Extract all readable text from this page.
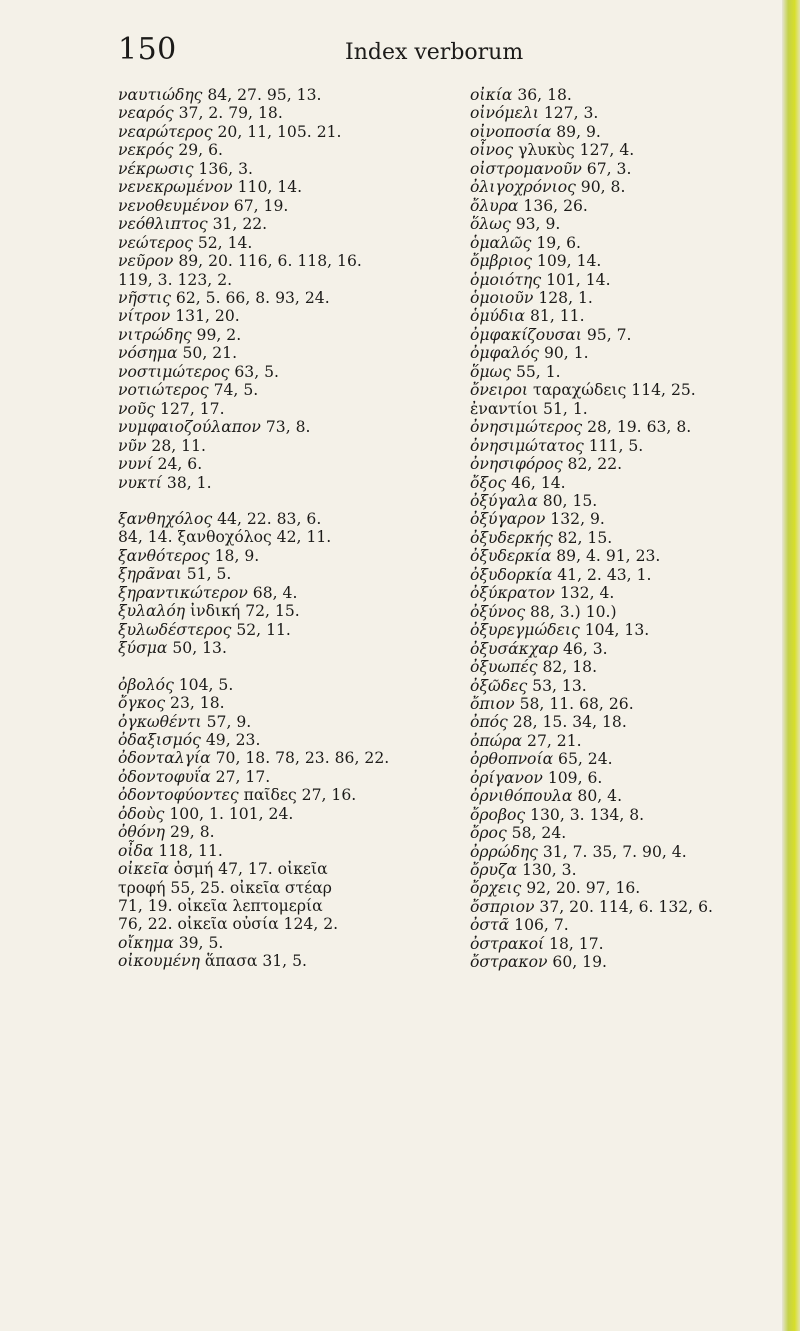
150	Index verborum
ναυτιώδης 84, 27. 95, 13.
νεαρός 37, 2. 79, 18.
νεαρώτερος 20, 11, 105. 21.
νεκρός 29, 6.
νέκρωσις 136, 3.
νενεκρωμένον 110, 14.
νενοθευμένον 67, 19.
νεόθλιπτος 31, 22.
νεώτερος 52, 14.
νεῦρον 89, 20. 116, 6. 118, 16.
119, 3. 123, 2.
νῆστις 62, 5. 66, 8. 93, 24.
νίτρον 131, 20.
νιτρώδης 99, 2.
νόσημα 50, 21.
νοστιμώτερος 63, 5.
νοτιώτερος 74, 5.
νοῦς 127, 17.
νυμφαιοζούλαπον 73, 8.
νῦν 28, 11.
νυνί 24, 6.
νυκτί 38, 1.
ξανθηχόλος 44, 22. 83, 6.
84, 14. ξανθοχόλος 42, 11.
ξανθότερος 18, 9.
ξηρᾶναι 51, 5.
ξηραντικώτερον 68, 4.
ξυλαλόη ἰνδική 72, 15.
ξυλωδέστερος 52, 11.
ξύσμα 50, 13.
ὀβολός 104, 5.
ὄγκος 23, 18.
ὀγκωθέντι 57, 9.
ὀδαξισμός 49, 23.
ὀδονταλγία 70, 18. 78, 23. 86, 22.
ὀδοντοφυΐα 27, 17.
ὀδοντοφύοντες παῖδες 27, 16.
ὀδοὺς 100, 1. 101, 24.
ὀθόνη 29, 8.
οἶδα 118, 11.
οἰκεῖα ὀσμή 47, 17. οἰκεῖα
τροφή 55, 25. οἰκεῖα στέαρ
71, 19. οἰκεῖα λεπτομερία
76, 22. οἰκεῖα οὐσία 124, 2.
οἴκημα 39, 5.
οἰκουμένη ἅπασα 31, 5.
οἰκία 36, 18.
οἰνόμελι 127, 3.
οἰνοποσία 89, 9.
οἶνος γλυκὺς 127, 4.
οἰστρομανοῦν 67, 3.
ὀλιγοχρόνιος 90, 8.
ὄλυρα 136, 26.
ὅλως 93, 9.
ὁμαλῶς 19, 6.
ὄμβριος 109, 14.
ὁμοιότης 101, 14.
ὁμοιοῦν 128, 1.
ὁμύδια 81, 11.
ὀμφακίζουσαι 95, 7.
ὀμφαλός 90, 1.
ὅμως 55, 1.
ὄνειροι ταραχώδεις 114, 25.
ἐναντίοι 51, 1.
ὀνησιμώτερος 28, 19. 63, 8.
ὀνησιμώτατος 111, 5.
ὀνησιφόρος 82, 22.
ὄξος 46, 14.
ὀξύγαλα 80, 15.
ὀξύγαρον 132, 9.
ὀξυδερκής 82, 15.
ὀξυδερκία 89, 4. 91, 23.
ὀξυδορκία 41, 2. 43, 1.
ὀξύκρατον 132, 4.
ὀξύνος 88, 3.) 10.)
ὀξυρεγμώδεις 104, 13.
ὀξυσάκχαρ 46, 3.
ὀξυωπές 82, 18.
ὀξῶδες 53, 13.
ὄπιον 58, 11. 68, 26.
ὀπός 28, 15. 34, 18.
ὀπώρα 27, 21.
ὀρθοπνοία 65, 24.
ὀρίγανον 109, 6.
ὀρνιθόπουλα 80, 4.
ὄροβος 130, 3. 134, 8.
ὄρος 58, 24.
ὀρρώδης 31, 7. 35, 7. 90, 4.
ὄρυζα 130, 3.
ὄρχεις 92, 20. 97, 16.
ὄσπριον 37, 20. 114, 6. 132, 6.
ὀστᾶ 106, 7.
ὀστρακοί 18, 17.
ὄστρακον 60, 19.
